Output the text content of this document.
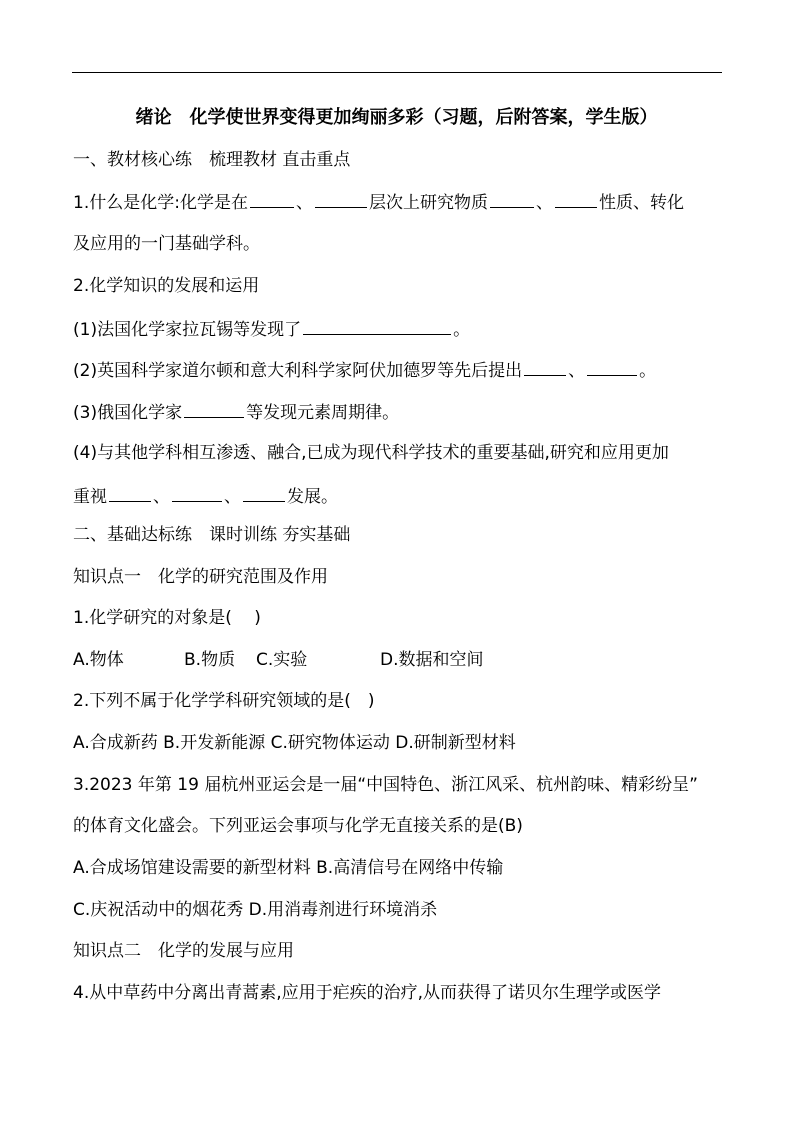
绪论　化学使世界变得更加绚丽多彩（习题，后附答案，学生版）
一、教材核心练　梳理教材 直击重点
1.什么是化学:化学是在	、	层次上研究物质	、	性质、转化
及应用的一门基础学科。
2.化学知识的发展和运用
(1)法国化学家拉瓦锡等发现了	。
(2)英国科学家道尔顿和意大利科学家阿伏加德罗等先后提出	、	。
(3)俄国化学家	等发现元素周期律。
(4)与其他学科相互渗透、融合,已成为现代科学技术的重要基础,研究和应用更加
重视	、	、	发展。
二、基础达标练　课时训练 夯实基础
知识点一　化学的研究范围及作用
1.化学研究的对象是(　 )
A.物体	B.物质 C.实验	D.数据和空间
2.下列不属于化学学科研究领域的是(　)
A.合成新药 B.开发新能源 C.研究物体运动 D.研制新型材料
3.2023 年第 19 届杭州亚运会是一届“中国特色、浙江风采、杭州韵味、精彩纷呈”
的体育文化盛会。下列亚运会事项与化学无直接关系的是(B)
A.合成场馆建设需要的新型材料 B.高清信号在网络中传输
C.庆祝活动中的烟花秀 D.用消毒剂进行环境消杀
知识点二　化学的发展与应用
4.从中草药中分离出青蒿素,应用于疟疾的治疗,从而获得了诺贝尔生理学或医学
